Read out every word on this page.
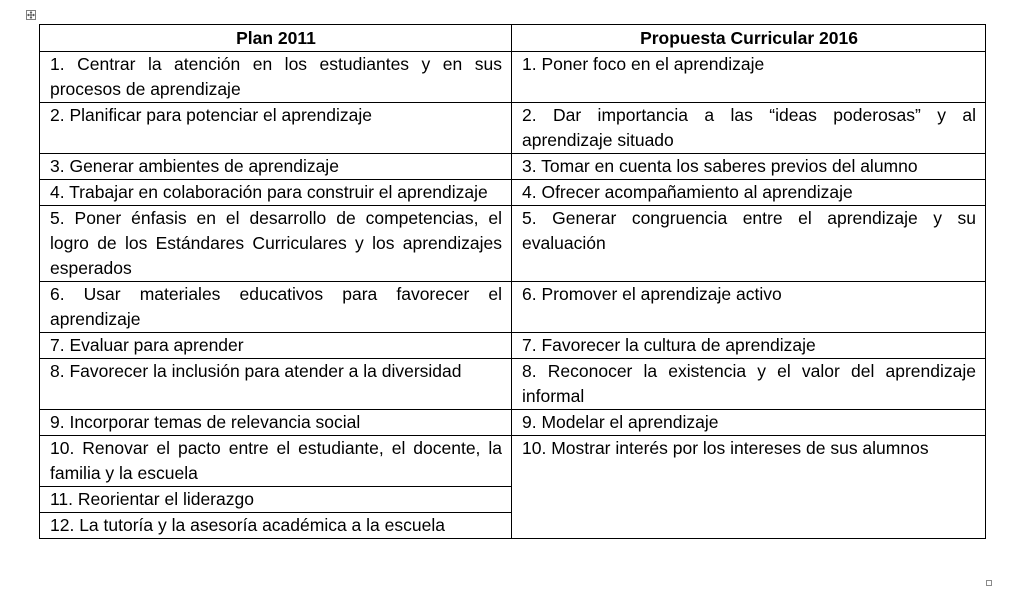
Plan 2011	Propuesta Curricular 2016
1. Centrar la atención en los estudiantes y en sus procesos de aprendizaje	1. Poner foco en el aprendizaje
2. Planificar para potenciar el aprendizaje	2. Dar importancia a las “ideas poderosas” y al aprendizaje situado
3. Generar ambientes de aprendizaje	3. Tomar en cuenta los saberes previos del alumno
4. Trabajar en colaboración para construir el aprendizaje	4. Ofrecer acompañamiento al aprendizaje
5. Poner énfasis en el desarrollo de competencias, el logro de los Estándares Curriculares y los aprendizajes esperados	5. Generar congruencia entre el aprendizaje y su evaluación
6. Usar materiales educativos para favorecer el aprendizaje	6. Promover el aprendizaje activo
7. Evaluar para aprender	7. Favorecer la cultura de aprendizaje
8. Favorecer la inclusión para atender a la diversidad	8. Reconocer la existencia y el valor del aprendizaje informal
9. Incorporar temas de relevancia social	9. Modelar el aprendizaje
10. Renovar el pacto entre el estudiante, el docente, la familia y la escuela	10. Mostrar interés por los intereses de sus alumnos
11. Reorientar el liderazgo	
12. La tutoría y la asesoría académica a la escuela	
